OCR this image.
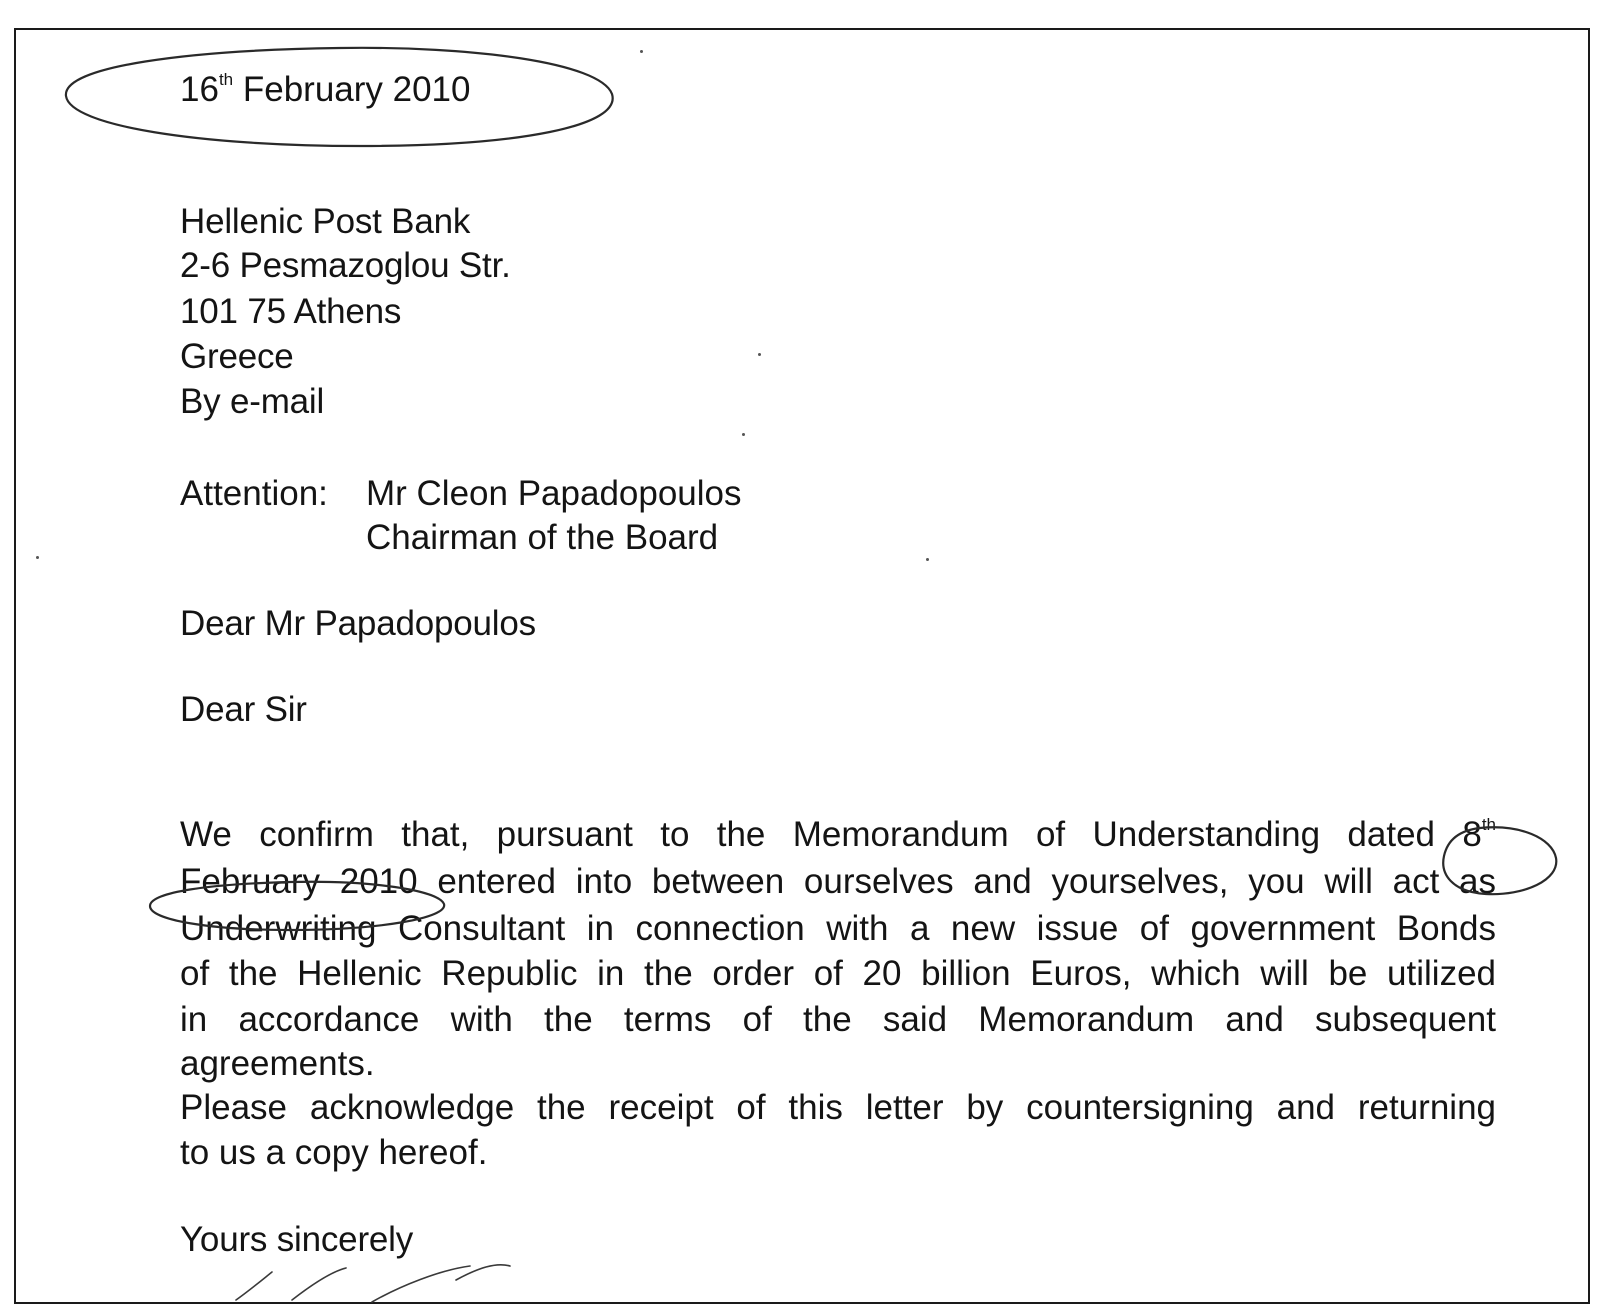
16th February 2010
Hellenic Post Bank
2-6 Pesmazoglou Str.
101 75 Athens
Greece
By e-mail
Attention: Mr Cleon Papadopoulos
Chairman of the Board
Dear Mr Papadopoulos
Dear Sir
We confirm that, pursuant to the Memorandum of Understanding dated 8th
February 2010 entered into between ourselves and yourselves, you will act as
Underwriting Consultant in connection with a new issue of government Bonds
of the Hellenic Republic in the order of 20 billion Euros, which will be utilized
in accordance with the terms of the said Memorandum and subsequent
agreements.
Please acknowledge the receipt of this letter by countersigning and returning
to us a copy hereof.
Yours sincerely
